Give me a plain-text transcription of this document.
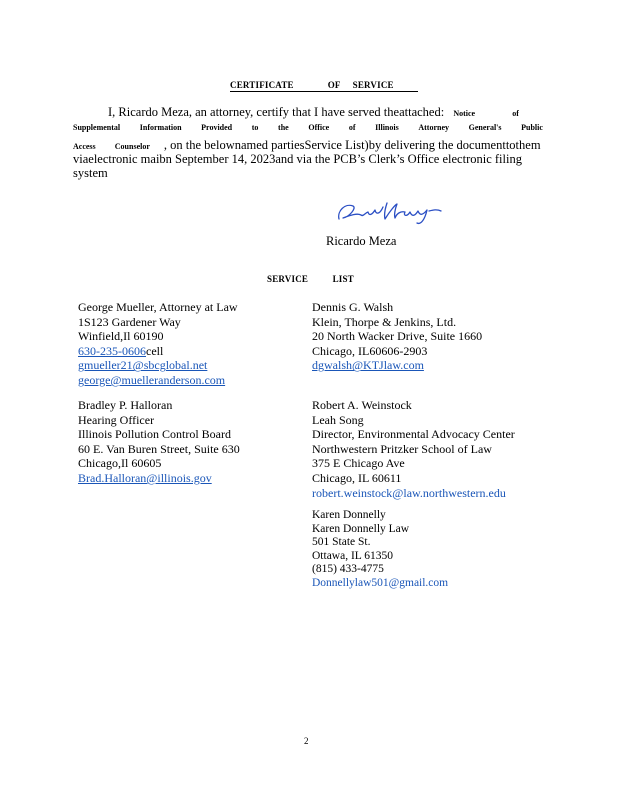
CERTIFICATE	OF SERVICE
I, Ricardo Meza, an attorney, certify that I have served theattached: Notice	of
Supplemental Information Provided to the Office of Illinois Attorney General's Public
Access Counselor , on the belownamed partiesService List)by delivering the documenttothem
viaelectronic maibn September 14, 2023and via the PCB’s Clerk’s Office electronic filing
system
Ricardo Meza
SERVICE	LIST
George Mueller, Attorney at Law
1S123 Gardener Way
Winfield,Il 60190
630-235-0606cell
gmueller21@sbcglobal.net
george@muelleranderson.com
Dennis G. Walsh
Klein, Thorpe & Jenkins, Ltd.
20 North Wacker Drive, Suite 1660
Chicago, IL60606-2903
dgwalsh@KTJlaw.com
Bradley P. Halloran
Hearing Officer
Illinois Pollution Control Board
60 E. Van Buren Street, Suite 630
Chicago,Il 60605
Brad.Halloran@illinois.gov
Robert A. Weinstock
Leah Song
Director, Environmental Advocacy Center
Northwestern Pritzker School of Law
375 E Chicago Ave
Chicago, IL 60611
robert.weinstock@law.northwestern.edu
Karen Donnelly
Karen Donnelly Law
501 State St.
Ottawa, IL 61350
(815) 433-4775
Donnellylaw501@gmail.com
2
